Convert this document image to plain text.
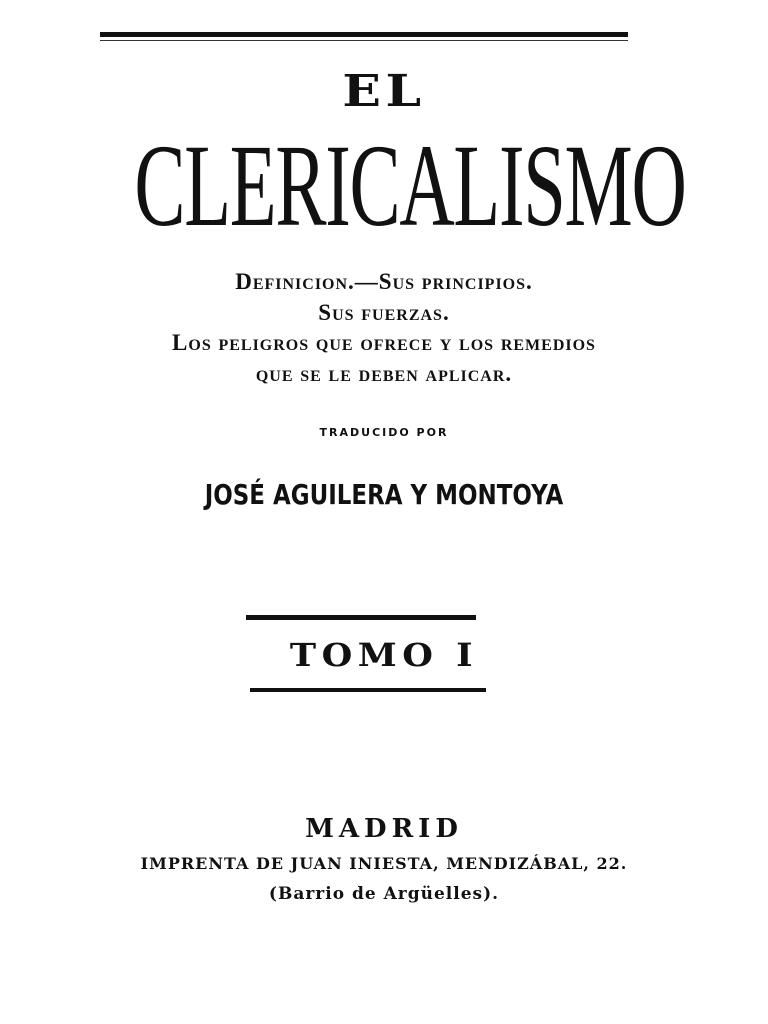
EL
CLERICALISMO
Definicion.—Sus principios.
Sus fuerzas.
Los peligros que ofrece y los remedios
que se le deben aplicar.
TRADUCIDO POR
JOSÉ AGUILERA Y MONTOYA
TOMO I
MADRID
IMPRENTA DE JUAN INIESTA, MENDIZÁBAL, 22.
(Barrio de Argüelles).
